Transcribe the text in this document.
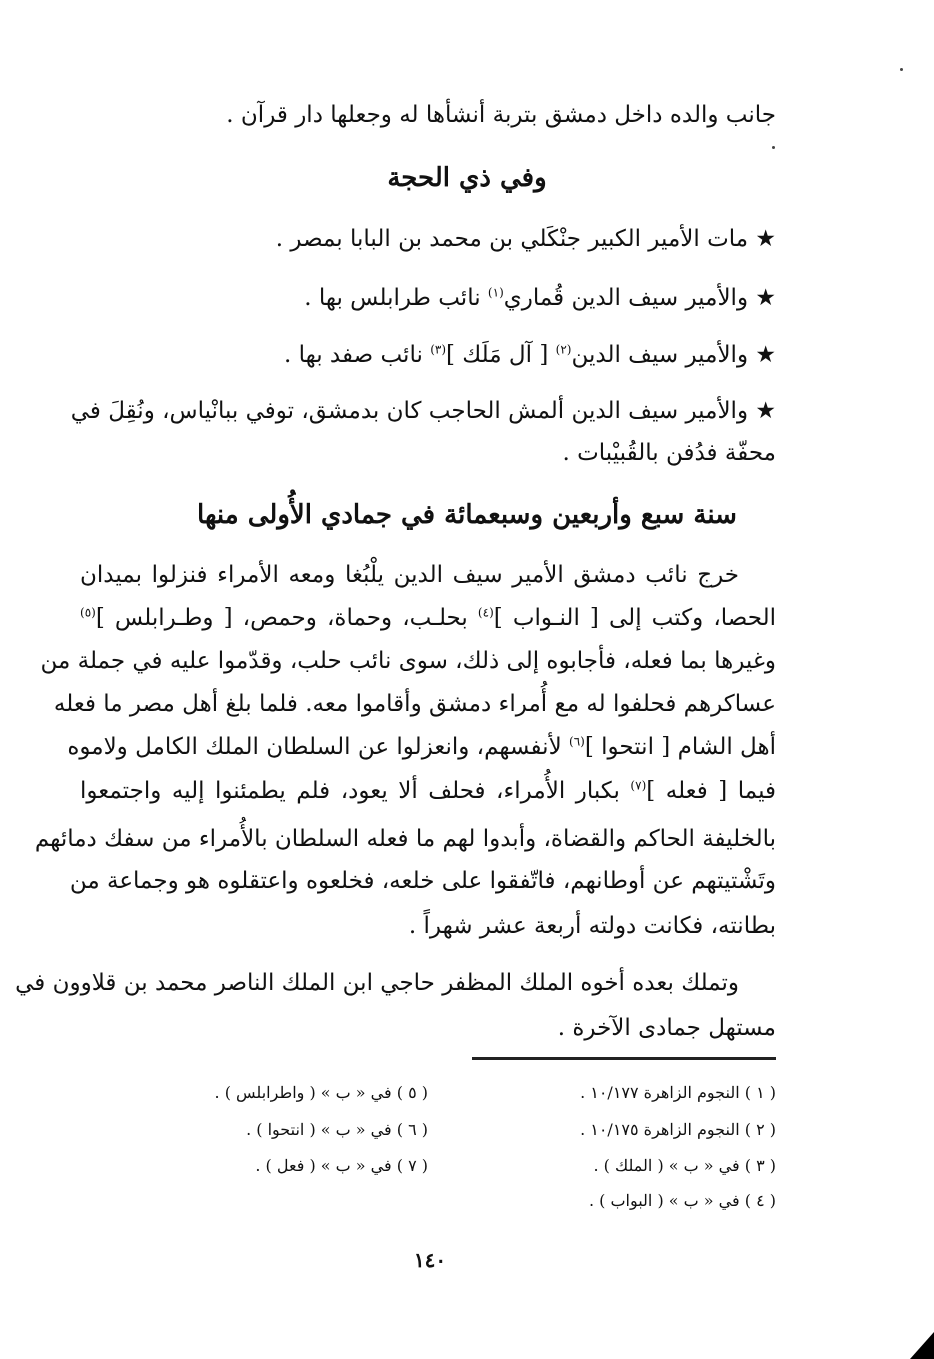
جانب والده داخل دمشق بتربة أنشأها له وجعلها دار قرآن .
وفي ذي الحجة
★ مات الأمير الكبير جنْكَلي بن محمد بن البابا بمصر .
★ والأمير سيف الدين قُماري$^{(١)}$ نائب طرابلس بها .
★ والأمير سيف الدين$^{(٢)}$ [ آل مَلَك ]$^{(٣)}$ نائب صفد بها .
★ والأمير سيف الدين ألمش الحاجب كان بدمشق، توفي ببانْياس، ونُقِلَ في
محفّة فدُفن بالقُبيْبات .
سنة سبع وأربعين وسبعمائة في جمادي الأُولى منها
خرج نائب دمشق الأمير سيف الدين يلْبُغا ومعه الأمراء فنزلوا بميدان
الحصا، وكتب إلى [ النـواب ]$^{(٤)}$ بحلـب، وحماة، وحمص، [ وطـرابلس ]$^{(٥)}$
وغيرها بما فعله، فأجابوه إلى ذلك، سوى نائب حلب، وقدّموا عليه في جملة من
عساكرهم فحلفوا له مع أُمراء دمشق وأقاموا معه. فلما بلغ أهل مصر ما فعله
أهل الشام [ انتحوا ]$^{(٦)}$ لأنفسهم، وانعزلوا عن السلطان الملك الكامل ولاموه
فيما [ فعله ]$^{(٧)}$ بكبار الأُمراء، فحلف ألا يعود، فلم يطمئنوا إليه واجتمعوا
بالخليفة الحاكم والقضاة، وأبدوا لهم ما فعله السلطان بالأُمراء من سفك دمائهم
وتَشْتيتهم عن أوطانهم، فاتّفقوا على خلعه، فخلعوه واعتقلوه هو وجماعة من
بطانته، فكانت دولته أربعة عشر شهراً .
وتملك بعده أخوه الملك المظفر حاجي ابن الملك الناصر محمد بن قلاوون في
مستهل جمادى الآخرة .
( ١ ) النجوم الزاهرة ١٠/١٧٧ .
( ٢ ) النجوم الزاهرة ١٠/١٧٥ .
( ٣ ) في « ب » ( الملك ) .
( ٤ ) في « ب » ( البواب ) .
( ٥ ) في « ب » ( واطرابلس ) .
( ٦ ) في « ب » ( انتحوا ) .
( ٧ ) في « ب » ( فعل ) .
١٤٠
